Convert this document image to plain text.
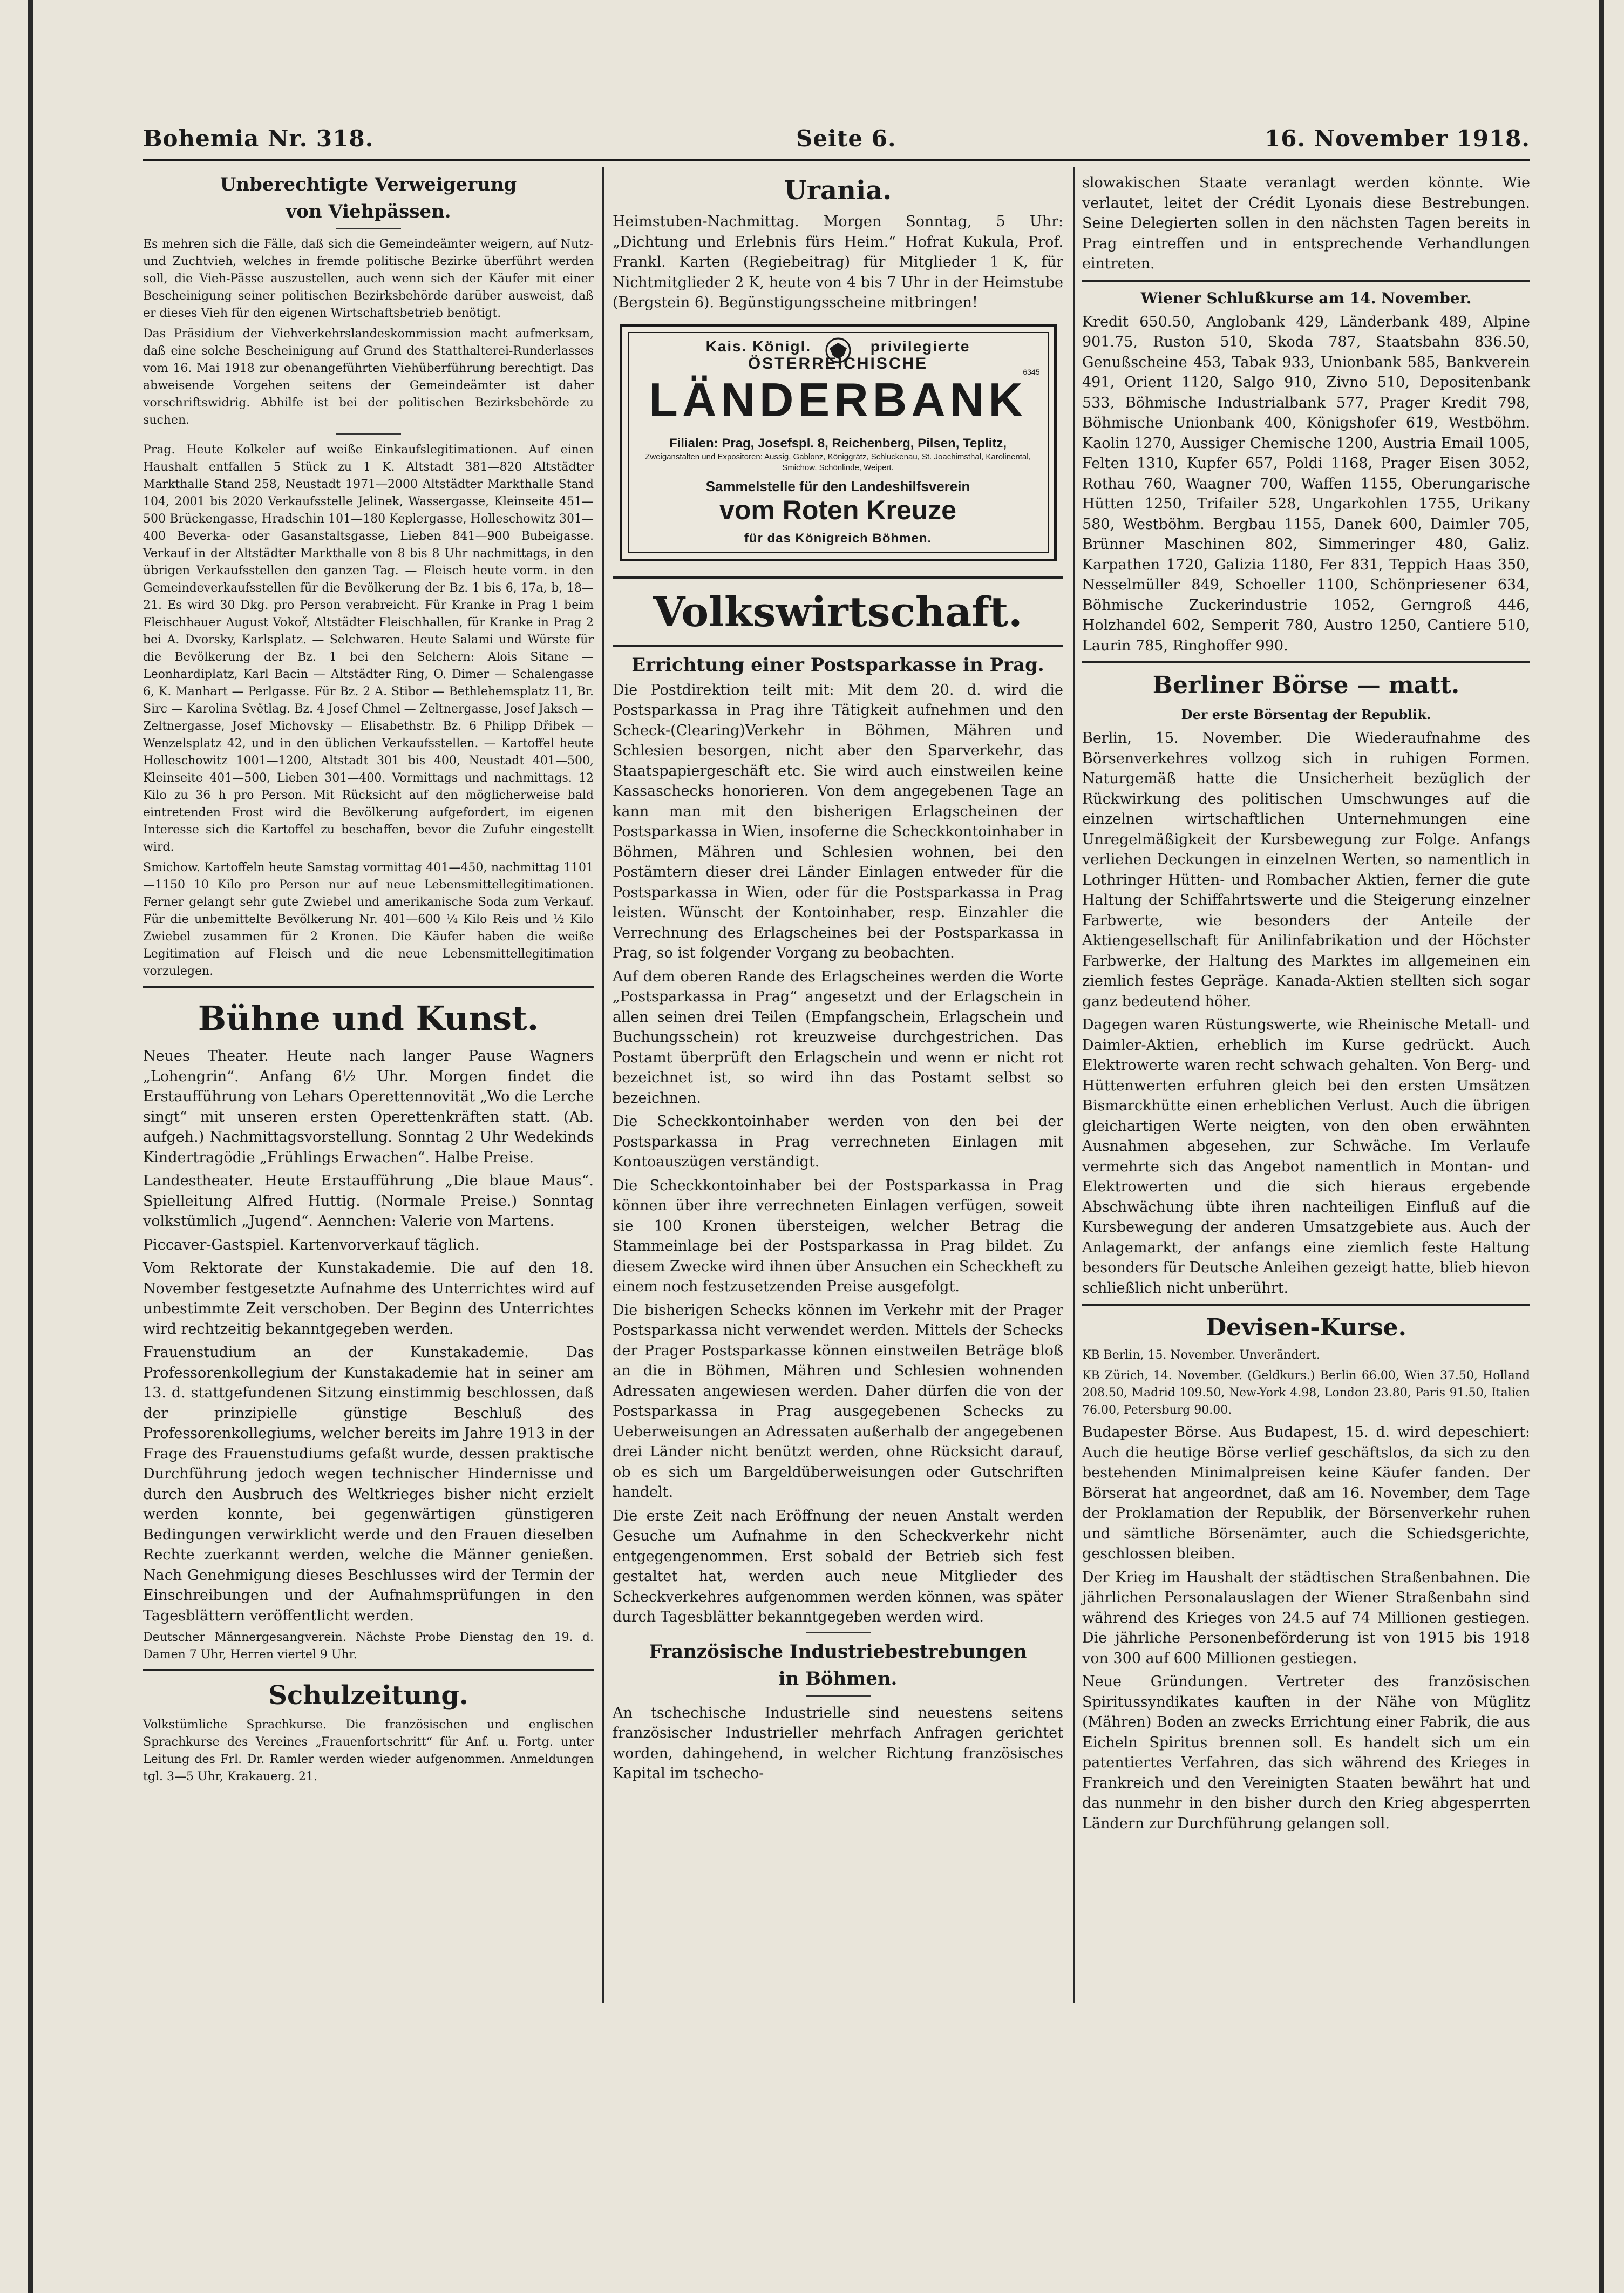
Bohemia Nr. 318.	Seite 6.	16. November 1918.

Unberechtigte Verweigerung

von Viehpässen.

Es mehren sich die Fälle, daß sich die Gemeindeämter weigern, auf Nutz- und Zuchtvieh, welches in fremde politische Bezirke überführt werden soll, die Vieh-Pässe auszustellen, auch wenn sich der Käufer mit einer Bescheinigung seiner politischen Bezirksbehörde darüber ausweist, daß er dieses Vieh für den eigenen Wirtschaftsbetrieb benötigt.

Das Präsidium der Viehverkehrslandeskommission macht aufmerksam, daß eine solche Bescheinigung auf Grund des Statthalterei-Runderlasses vom 16. Mai 1918 zur obenangeführten Viehüberführung berechtigt. Das abweisende Vorgehen seitens der Gemeindeämter ist daher vorschriftswidrig. Abhilfe ist bei der politischen Bezirksbehörde zu suchen.

Prag. Heute Kolkeler auf weiße Einkaufslegitimationen. Auf einen Haushalt entfallen 5 Stück zu 1 K. Altstadt 381—820 Altstädter Markthalle Stand 258, Neustadt 1971—2000 Altstädter Markthalle Stand 104, 2001 bis 2020 Verkaufsstelle Jelinek, Wassergasse, Kleinseite 451—500 Brückengasse, Hradschin 101—180 Keplergasse, Holleschowitz 301—400 Beverka- oder Gasanstaltsgasse, Lieben 841—900 Bubeigasse. Verkauf in der Altstädter Markthalle von 8 bis 8 Uhr nachmittags, in den übrigen Verkaufsstellen den ganzen Tag. — Fleisch heute vorm. in den Gemeindeverkaufsstellen für die Bevölkerung der Bz. 1 bis 6, 17a, b, 18—21. Es wird 30 Dkg. pro Person verabreicht. Für Kranke in Prag 1 beim Fleischhauer August Vokoř, Altstädter Fleischhallen, für Kranke in Prag 2 bei A. Dvorsky, Karlsplatz. — Selchwaren. Heute Salami und Würste für die Bevölkerung der Bz. 1 bei den Selchern: Alois Sitane — Leonhardiplatz, Karl Bacin — Altstädter Ring, O. Dimer — Schalengasse 6, K. Manhart — Perlgasse. Für Bz. 2 A. Stibor — Bethlehemsplatz 11, Br. Sirc — Karolina Světlag. Bz. 4 Josef Chmel — Zeltnergasse, Josef Jaksch — Zeltnergasse, Josef Michovsky — Elisabethstr. Bz. 6 Philipp Dřibek — Wenzelsplatz 42, und in den üblichen Verkaufsstellen. — Kartoffel heute Holleschowitz 1001—1200, Altstadt 301 bis 400, Neustadt 401—500, Kleinseite 401—500, Lieben 301—400. Vormittags und nachmittags. 12 Kilo zu 36 h pro Person. Mit Rücksicht auf den möglicherweise bald eintretenden Frost wird die Bevölkerung aufgefordert, im eigenen Interesse sich die Kartoffel zu beschaffen, bevor die Zufuhr eingestellt wird.

Smichow. Kartoffeln heute Samstag vormittag 401—450, nachmittag 1101—1150 10 Kilo pro Person nur auf neue Lebensmittellegitimationen. Ferner gelangt sehr gute Zwiebel und amerikanische Soda zum Verkauf. Für die unbemittelte Bevölkerung Nr. 401—600 ¼ Kilo Reis und ½ Kilo Zwiebel zusammen für 2 Kronen. Die Käufer haben die weiße Legitimation auf Fleisch und die neue Lebensmittellegitimation vorzulegen.

Bühne und Kunst.

Neues Theater. Heute nach langer Pause Wagners „Lohengrin“. Anfang 6½ Uhr. Morgen findet die Erstaufführung von Lehars Operettennovität „Wo die Lerche singt“ mit unseren ersten Operettenkräften statt. (Ab. aufgeh.) Nachmittagsvorstellung. Sonntag 2 Uhr Wedekinds Kindertragödie „Frühlings Erwachen“. Halbe Preise.

Landestheater. Heute Erstaufführung „Die blaue Maus“. Spielleitung Alfred Huttig. (Normale Preise.) Sonntag volkstümlich „Jugend“. Aennchen: Valerie von Martens.

Piccaver-Gastspiel. Kartenvorverkauf täglich.

Vom Rektorate der Kunstakademie. Die auf den 18. November festgesetzte Aufnahme des Unterrichtes wird auf unbestimmte Zeit verschoben. Der Beginn des Unterrichtes wird rechtzeitig bekanntgegeben werden.

Frauenstudium an der Kunstakademie. Das Professorenkollegium der Kunstakademie hat in seiner am 13. d. stattgefundenen Sitzung einstimmig beschlossen, daß der prinzipielle günstige Beschluß des Professorenkollegiums, welcher bereits im Jahre 1913 in der Frage des Frauenstudiums gefaßt wurde, dessen praktische Durchführung jedoch wegen technischer Hindernisse und durch den Ausbruch des Weltkrieges bisher nicht erzielt werden konnte, bei gegenwärtigen günstigeren Bedingungen verwirklicht werde und den Frauen dieselben Rechte zuerkannt werden, welche die Männer genießen. Nach Genehmigung dieses Beschlusses wird der Termin der Einschreibungen und der Aufnahmsprüfungen in den Tagesblättern veröffentlicht werden.

Deutscher Männergesangverein. Nächste Probe Dienstag den 19. d. Damen 7 Uhr, Herren viertel 9 Uhr.

Schulzeitung.

Volkstümliche Sprachkurse. Die französischen und englischen Sprachkurse des Vereines „Frauenfortschritt“ für Anf. u. Fortg. unter Leitung des Frl. Dr. Ramler werden wieder aufgenommen. Anmeldungen tgl. 3—5 Uhr, Krakauerg. 21.

Urania.

Heimstuben-Nachmittag. Morgen Sonntag, 5 Uhr: „Dichtung und Erlebnis fürs Heim.“ Hofrat Kukula, Prof. Frankl. Karten (Regiebeitrag) für Mitglieder 1 K, für Nichtmitglieder 2 K, heute von 4 bis 7 Uhr in der Heimstube (Bergstein 6). Begünstigungsscheine mitbringen!

Kais. Königl.	privilegierte
ÖSTERREICHISCHE
LÄNDERBANK
6345
Filialen: Prag, Josefspl. 8, Reichenberg, Pilsen, Teplitz,
Zweiganstalten und Expositoren: Aussig, Gablonz, Königgrätz, Schluckenau, St. Joachimsthal, Karolinental, Smichow, Schönlinde, Weipert.
Sammelstelle für den Landeshilfsverein
vom Roten Kreuze
für das Königreich Böhmen.

Volkswirtschaft.

Errichtung einer Postsparkasse in Prag.

Die Postdirektion teilt mit: Mit dem 20. d. wird die Postsparkassa in Prag ihre Tätigkeit aufnehmen und den Scheck-(Clearing)Verkehr in Böhmen, Mähren und Schlesien besorgen, nicht aber den Sparverkehr, das Staatspapiergeschäft etc. Sie wird auch einstweilen keine Kassaschecks honorieren. Von dem angegebenen Tage an kann man mit den bisherigen Erlagscheinen der Postsparkassa in Wien, insoferne die Scheckkontoinhaber in Böhmen, Mähren und Schlesien wohnen, bei den Postämtern dieser drei Länder Einlagen entweder für die Postsparkassa in Wien, oder für die Postsparkassa in Prag leisten. Wünscht der Kontoinhaber, resp. Einzahler die Verrechnung des Erlagscheines bei der Postsparkassa in Prag, so ist folgender Vorgang zu beobachten.

Auf dem oberen Rande des Erlagscheines werden die Worte „Postsparkassa in Prag“ angesetzt und der Erlagschein in allen seinen drei Teilen (Empfangschein, Erlagschein und Buchungsschein) rot kreuzweise durchgestrichen. Das Postamt überprüft den Erlagschein und wenn er nicht rot bezeichnet ist, so wird ihn das Postamt selbst so bezeichnen.

Die Scheckkontoinhaber werden von den bei der Postsparkassa in Prag verrechneten Einlagen mit Kontoauszügen verständigt.

Die Scheckkontoinhaber bei der Postsparkassa in Prag können über ihre verrechneten Einlagen verfügen, soweit sie 100 Kronen übersteigen, welcher Betrag die Stammeinlage bei der Postsparkassa in Prag bildet. Zu diesem Zwecke wird ihnen über Ansuchen ein Scheckheft zu einem noch festzusetzenden Preise ausgefolgt.

Die bisherigen Schecks können im Verkehr mit der Prager Postsparkassa nicht verwendet werden. Mittels der Schecks der Prager Postsparkasse können einstweilen Beträge bloß an die in Böhmen, Mähren und Schlesien wohnenden Adressaten angewiesen werden. Daher dürfen die von der Postsparkassa in Prag ausgegebenen Schecks zu Ueberweisungen an Adressaten außerhalb der angegebenen drei Länder nicht benützt werden, ohne Rücksicht darauf, ob es sich um Bargeldüberweisungen oder Gutschriften handelt.

Die erste Zeit nach Eröffnung der neuen Anstalt werden Gesuche um Aufnahme in den Scheckverkehr nicht entgegengenommen. Erst sobald der Betrieb sich fest gestaltet hat, werden auch neue Mitglieder des Scheckverkehres aufgenommen werden können, was später durch Tagesblätter bekanntgegeben werden wird.

Französische Industriebestrebungen

in Böhmen.

An tschechische Industrielle sind neuestens seitens französischer Industrieller mehrfach Anfragen gerichtet worden, dahingehend, in welcher Richtung französisches Kapital im tschecho-

slowakischen Staate veranlagt werden könnte. Wie verlautet, leitet der Crédit Lyonais diese Bestrebungen. Seine Delegierten sollen in den nächsten Tagen bereits in Prag eintreffen und in entsprechende Verhandlungen eintreten.

Wiener Schlußkurse am 14. November.

Kredit 650.50, Anglobank 429, Länderbank 489, Alpine 901.75, Ruston 510, Skoda 787, Staatsbahn 836.50, Genußscheine 453, Tabak 933, Unionbank 585, Bankverein 491, Orient 1120, Salgo 910, Zivno 510, Depositenbank 533, Böhmische Industrialbank 577, Prager Kredit 798, Böhmische Unionbank 400, Königshofer 619, Westböhm. Kaolin 1270, Aussiger Chemische 1200, Austria Email 1005, Felten 1310, Kupfer 657, Poldi 1168, Prager Eisen 3052, Rothau 760, Waagner 700, Waffen 1155, Oberungarische Hütten 1250, Trifailer 528, Ungarkohlen 1755, Urikany 580, Westböhm. Bergbau 1155, Danek 600, Daimler 705, Brünner Maschinen 802, Simmeringer 480, Galiz. Karpathen 1720, Galizia 1180, Fer 831, Teppich Haas 350, Nesselmüller 849, Schoeller 1100, Schönpriesener 634, Böhmische Zuckerindustrie 1052, Gerngroß 446, Holzhandel 602, Semperit 780, Austro 1250, Cantiere 510, Laurin 785, Ringhoffer 990.

Berliner Börse — matt.

Der erste Börsentag der Republik.

Berlin, 15. November. Die Wiederaufnahme des Börsenverkehres vollzog sich in ruhigen Formen. Naturgemäß hatte die Unsicherheit bezüglich der Rückwirkung des politischen Umschwunges auf die einzelnen wirtschaftlichen Unternehmungen eine Unregelmäßigkeit der Kursbewegung zur Folge. Anfangs verliehen Deckungen in einzelnen Werten, so namentlich in Lothringer Hütten- und Rombacher Aktien, ferner die gute Haltung der Schiffahrtswerte und die Steigerung einzelner Farbwerte, wie besonders der Anteile der Aktiengesellschaft für Anilinfabrikation und der Höchster Farbwerke, der Haltung des Marktes im allgemeinen ein ziemlich festes Gepräge. Kanada-Aktien stellten sich sogar ganz bedeutend höher.

Dagegen waren Rüstungswerte, wie Rheinische Metall- und Daimler-Aktien, erheblich im Kurse gedrückt. Auch Elektrowerte waren recht schwach gehalten. Von Berg- und Hüttenwerten erfuhren gleich bei den ersten Umsätzen Bismarckhütte einen erheblichen Verlust. Auch die übrigen gleichartigen Werte neigten, von den oben erwähnten Ausnahmen abgesehen, zur Schwäche. Im Verlaufe vermehrte sich das Angebot namentlich in Montan- und Elektrowerten und die sich hieraus ergebende Abschwächung übte ihren nachteiligen Einfluß auf die Kursbewegung der anderen Umsatzgebiete aus. Auch der Anlagemarkt, der anfangs eine ziemlich feste Haltung besonders für Deutsche Anleihen gezeigt hatte, blieb hievon schließlich nicht unberührt.

Devisen-Kurse.

KB Berlin, 15. November. Unverändert.

KB Zürich, 14. November. (Geldkurs.) Berlin 66.00, Wien 37.50, Holland 208.50, Madrid 109.50, New-York 4.98, London 23.80, Paris 91.50, Italien 76.00, Petersburg 90.00.

Budapester Börse. Aus Budapest, 15. d. wird depeschiert: Auch die heutige Börse verlief geschäftslos, da sich zu den bestehenden Minimalpreisen keine Käufer fanden. Der Börserat hat angeordnet, daß am 16. November, dem Tage der Proklamation der Republik, der Börsenverkehr ruhen und sämtliche Börsenämter, auch die Schiedsgerichte, geschlossen bleiben.

Der Krieg im Haushalt der städtischen Straßenbahnen. Die jährlichen Personalauslagen der Wiener Straßenbahn sind während des Krieges von 24.5 auf 74 Millionen gestiegen. Die jährliche Personenbeförderung ist von 1915 bis 1918 von 300 auf 600 Millionen gestiegen.

Neue Gründungen. Vertreter des französischen Spiritussyndikates kauften in der Nähe von Müglitz (Mähren) Boden an zwecks Errichtung einer Fabrik, die aus Eicheln Spiritus brennen soll. Es handelt sich um ein patentiertes Verfahren, das sich während des Krieges in Frankreich und den Vereinigten Staaten bewährt hat und das nunmehr in den bisher durch den Krieg abgesperrten Ländern zur Durchführung gelangen soll.
